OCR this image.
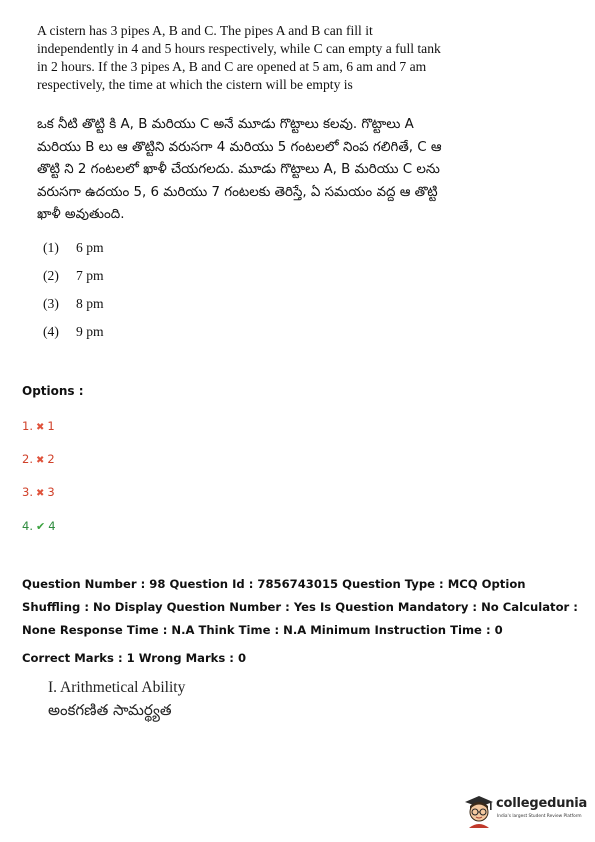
A cistern has 3 pipes A, B and C. The pipes A and B can fill it independently in 4 and 5 hours respectively, while C can empty a full tank in 2 hours. If the 3 pipes A, B and C are opened at 5 am, 6 am and 7 am respectively, the time at which the cistern will be empty is
ఒక నీటి తొట్టి కి A, B మరియు C అనే మూడు గొట్టాలు కలవు. గొట్టాలు A మరియు B లు ఆ తొట్టిని వరుసగా 4 మరియు 5 గంటలలో నింప గలిగితే, C ఆ తొట్టి ని 2 గంటలలో ఖాళీ చేయగలదు. మూడు గొట్టాలు A, B మరియు C లను వరుసగా ఉదయం 5, 6 మరియు 7 గంటలకు తెరిస్తే, ఏ సమయం వద్ద ఆ తొట్టి ఖాళీ అవుతుంది.
(1) 6 pm
(2) 7 pm
(3) 8 pm
(4) 9 pm
Options :
1. ✖ 1
2. ✖ 2
3. ✖ 3
4. ✔ 4
Question Number : 98 Question Id : 7856743015 Question Type : MCQ Option Shuffling : No Display Question Number : Yes Is Question Mandatory : No Calculator : None Response Time : N.A Think Time : N.A Minimum Instruction Time : 0
Correct Marks : 1 Wrong Marks : 0
I. Arithmetical Ability
అంకగణిత సామర్థ్యత
collegedunia
India's largest Student Review Platform
